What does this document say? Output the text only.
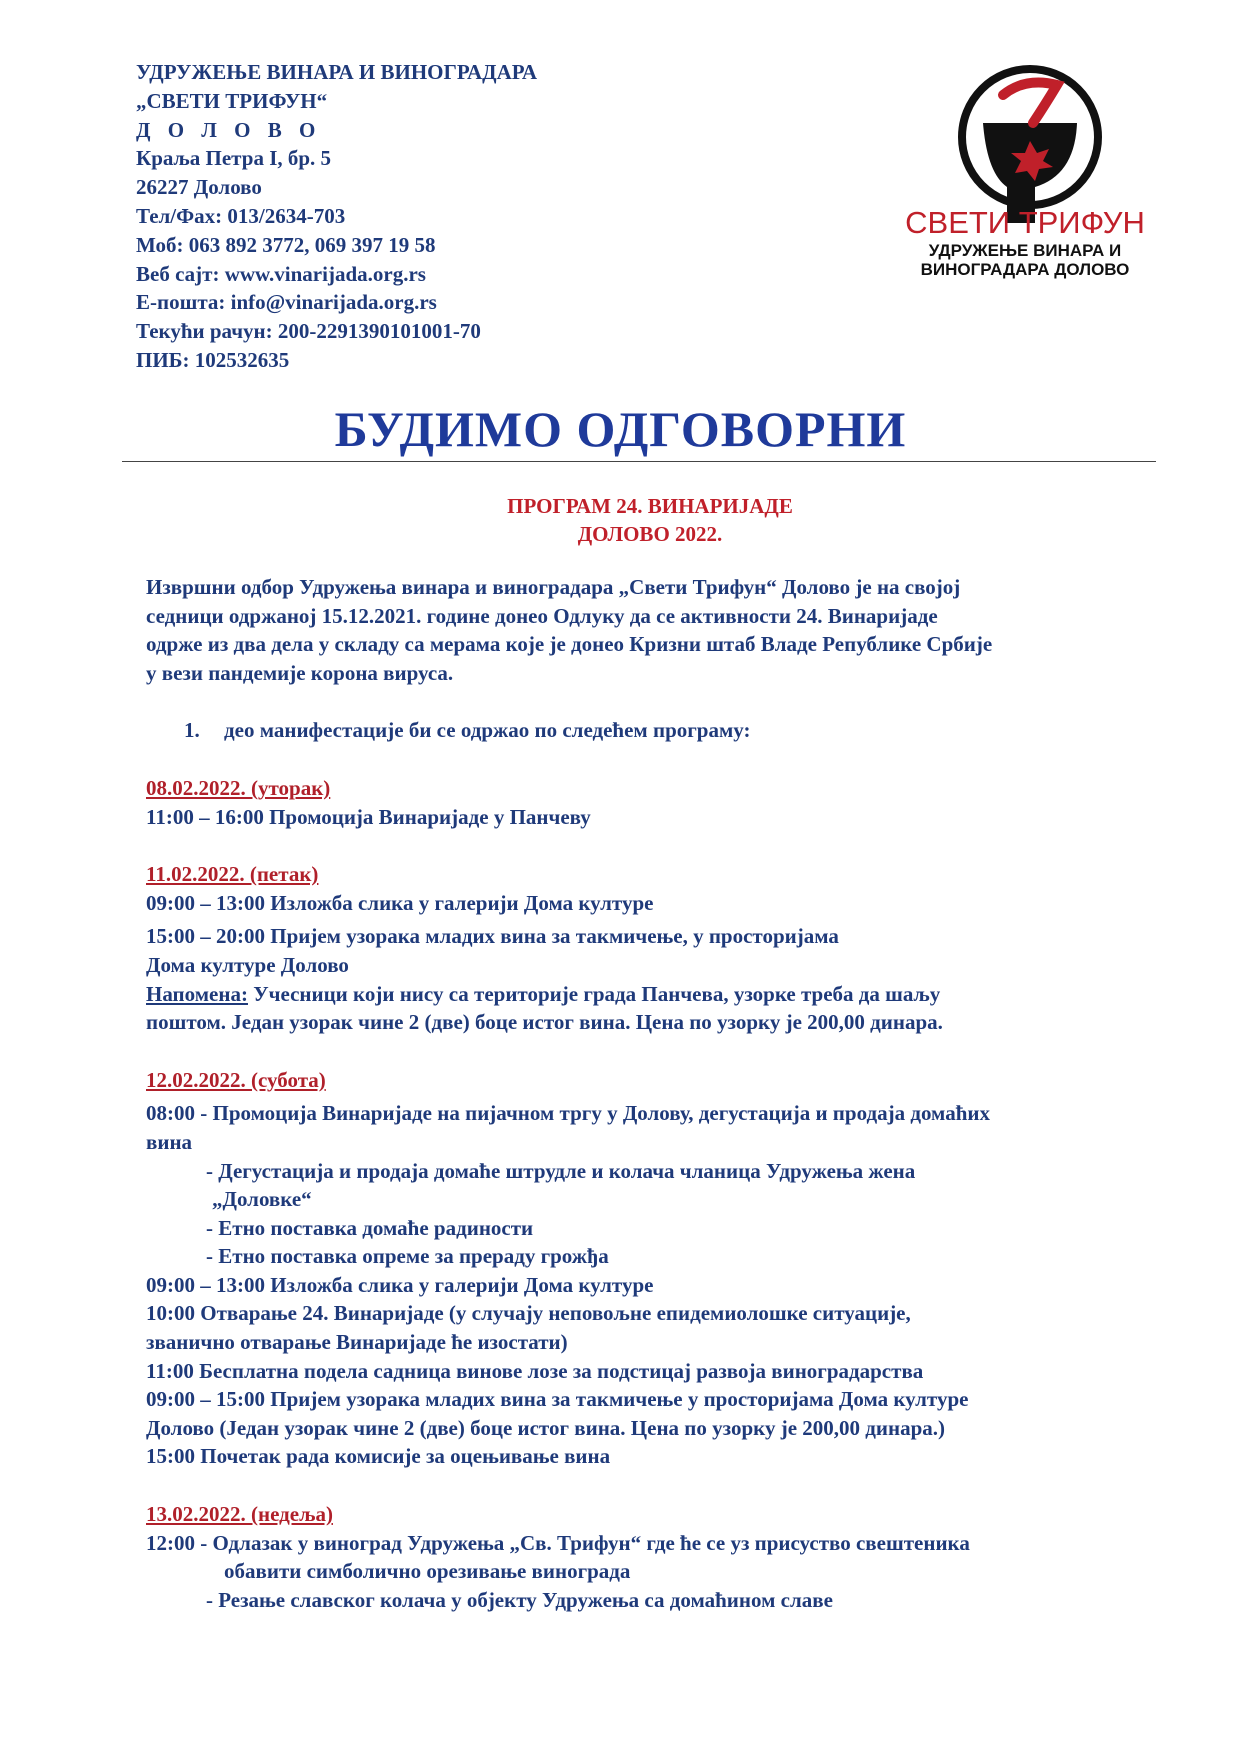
УДРУЖЕЊЕ ВИНАРА И ВИНОГРАДАРА
„СВЕТИ ТРИФУН“
Д О Л О В О
Краља Петра I, бр. 5
26227 Долово
Тел/Фах: 013/2634-703
Моб: 063 892 3772, 069 397 19 58
Веб сајт: www.vinarijada.org.rs
Е-пошта: info@vinarijada.org.rs
Текући рачун: 200-2291390101001-70
ПИБ: 102532635
СВЕТИ ТРИФУН
УДРУЖЕЊЕ ВИНАРА И
ВИНОГРАДАРА ДОЛОВО
БУДИМО ОДГОВОРНИ
ПРОГРАМ 24. ВИНАРИЈАДЕ
ДОЛОВО 2022.

Извршни одбор Удружења винара и виноградара „Свети Трифун“ Долово је на својој

седници одржаној 15.12.2021. године донео Одлуку да се активности 24. Винаријаде

одрже из два дела у складу са мерама које је донео Кризни штаб Владе Републике Србије

у вези пандемије корона вируса.

1. део манифестације би се одржао по следећем програму:

08.02.2022. (уторак)

11:00 – 16:00 Промоција Винаријаде у Панчеву

11.02.2022. (петак)

09:00 – 13:00 Изложба слика у галерији Дома културе

15:00 – 20:00 Пријем узорака младих вина за такмичење, у просторијама

Дома културе Долово

Напомена: Учесници који нису са територије града Панчева, узорке треба да шаљу

поштом. Један узорак чине 2 (две) боце истог вина. Цена по узорку је 200,00 динара.

12.02.2022. (субота)

08:00 - Промоција Винаријаде на пијачном тргу у Долову, дегустација и продаја домаћих

вина

- Дегустација и продаја домаће штрудле и колача чланица Удружења жена

„Доловке“

- Етно поставка домаће радиности

- Етно поставка опреме за прераду грожђа

09:00 – 13:00 Изложба слика у галерији Дома културе

10:00 Отварање 24. Винаријаде (у случају неповољне епидемиолошке ситуације,

званично отварање Винаријаде ће изостати)

11:00 Бесплатна подела садница винове лозе за подстицај развоја виноградарства

09:00 – 15:00 Пријем узорака младих вина за такмичење у просторијама Дома културе

Долово (Један узорак чине 2 (две) боце истог вина. Цена по узорку је 200,00 динара.)

15:00 Почетак рада комисије за оцењивање вина

13.02.2022. (недеља)

12:00 - Одлазак у виноград Удружења „Св. Трифун“ где ће се уз присуство свештеника

обавити симболично орезивање винограда

- Резање славског колача у објекту Удружења са домаћином славе
